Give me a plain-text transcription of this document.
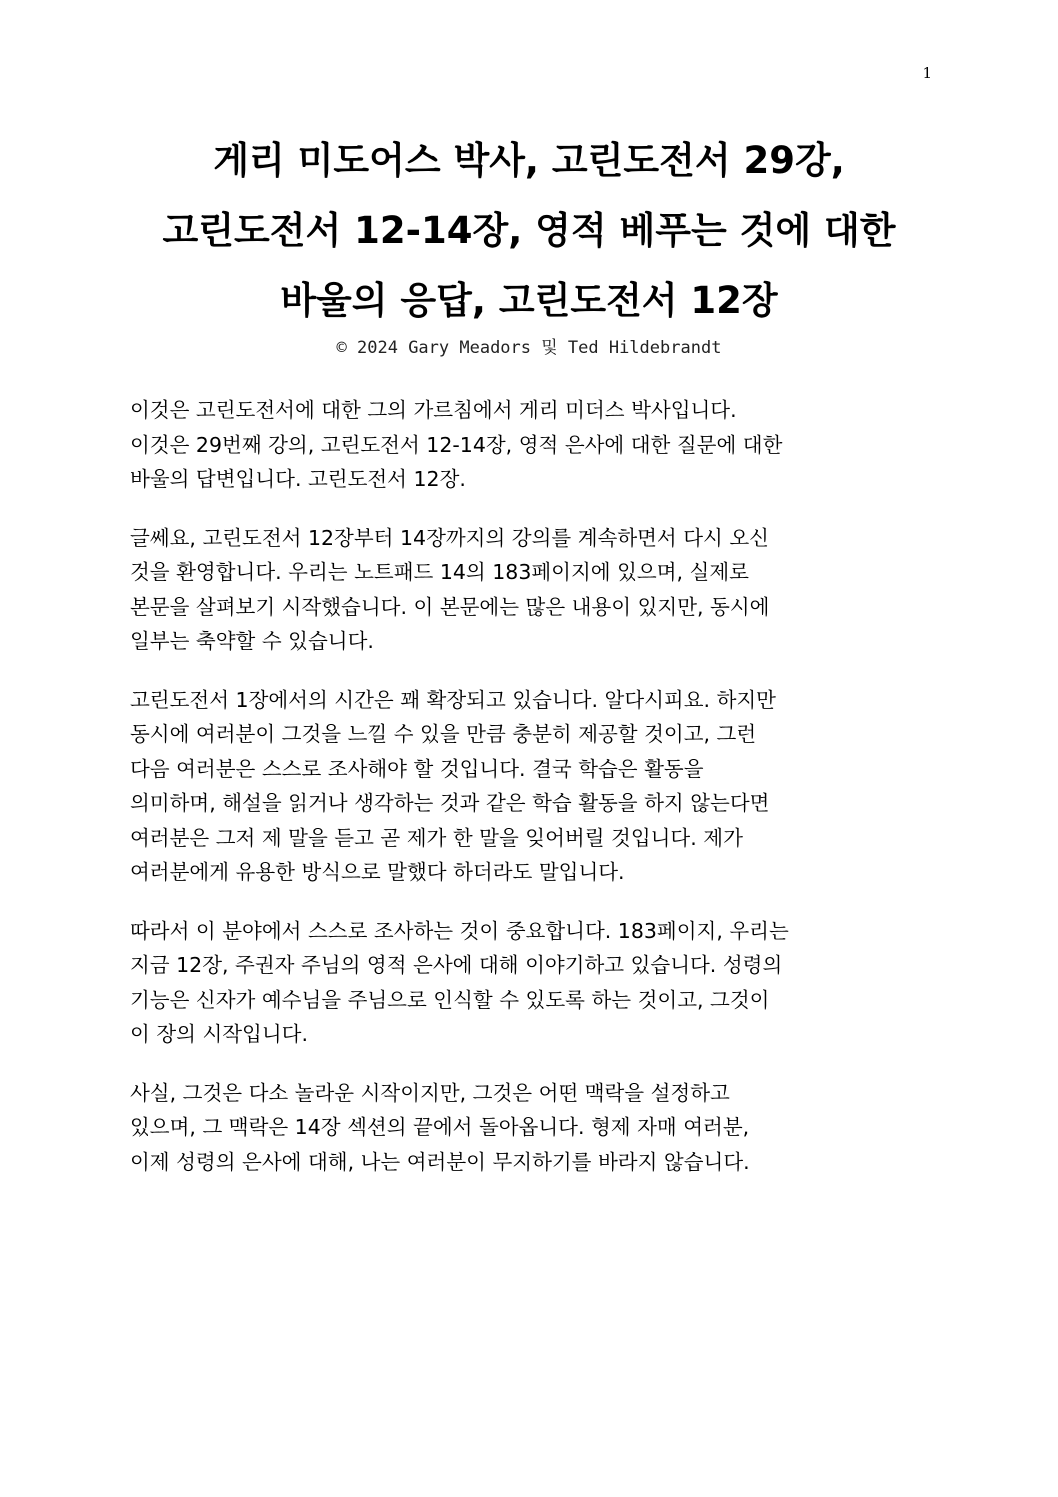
1
게리 미도어스 박사, 고린도전서 29강,
고린도전서 12-14장, 영적 베푸는 것에 대한
바울의 응답, 고린도전서 12장
© 2024 Gary Meadors 및 Ted Hildebrandt

이것은 고린도전서에 대한 그의 가르침에서 게리 미더스 박사입니다.
이것은 29번째 강의, 고린도전서 12-14장, 영적 은사에 대한 질문에 대한
바울의 답변입니다. 고린도전서 12장.

글쎄요, 고린도전서 12장부터 14장까지의 강의를 계속하면서 다시 오신
것을 환영합니다. 우리는 노트패드 14의 183페이지에 있으며, 실제로
본문을 살펴보기 시작했습니다. 이 본문에는 많은 내용이 있지만, 동시에
일부는 축약할 수 있습니다.

고린도전서 1장에서의 시간은 꽤 확장되고 있습니다. 알다시피요. 하지만
동시에 여러분이 그것을 느낄 수 있을 만큼 충분히 제공할 것이고, 그런
다음 여러분은 스스로 조사해야 할 것입니다. 결국 학습은 활동을
의미하며, 해설을 읽거나 생각하는 것과 같은 학습 활동을 하지 않는다면
여러분은 그저 제 말을 듣고 곧 제가 한 말을 잊어버릴 것입니다. 제가
여러분에게 유용한 방식으로 말했다 하더라도 말입니다.

따라서 이 분야에서 스스로 조사하는 것이 중요합니다. 183페이지, 우리는
지금 12장, 주권자 주님의 영적 은사에 대해 이야기하고 있습니다. 성령의
기능은 신자가 예수님을 주님으로 인식할 수 있도록 하는 것이고, 그것이
이 장의 시작입니다.

사실, 그것은 다소 놀라운 시작이지만, 그것은 어떤 맥락을 설정하고
있으며, 그 맥락은 14장 섹션의 끝에서 돌아옵니다. 형제 자매 여러분,
이제 성령의 은사에 대해, 나는 여러분이 무지하기를 바라지 않습니다.
